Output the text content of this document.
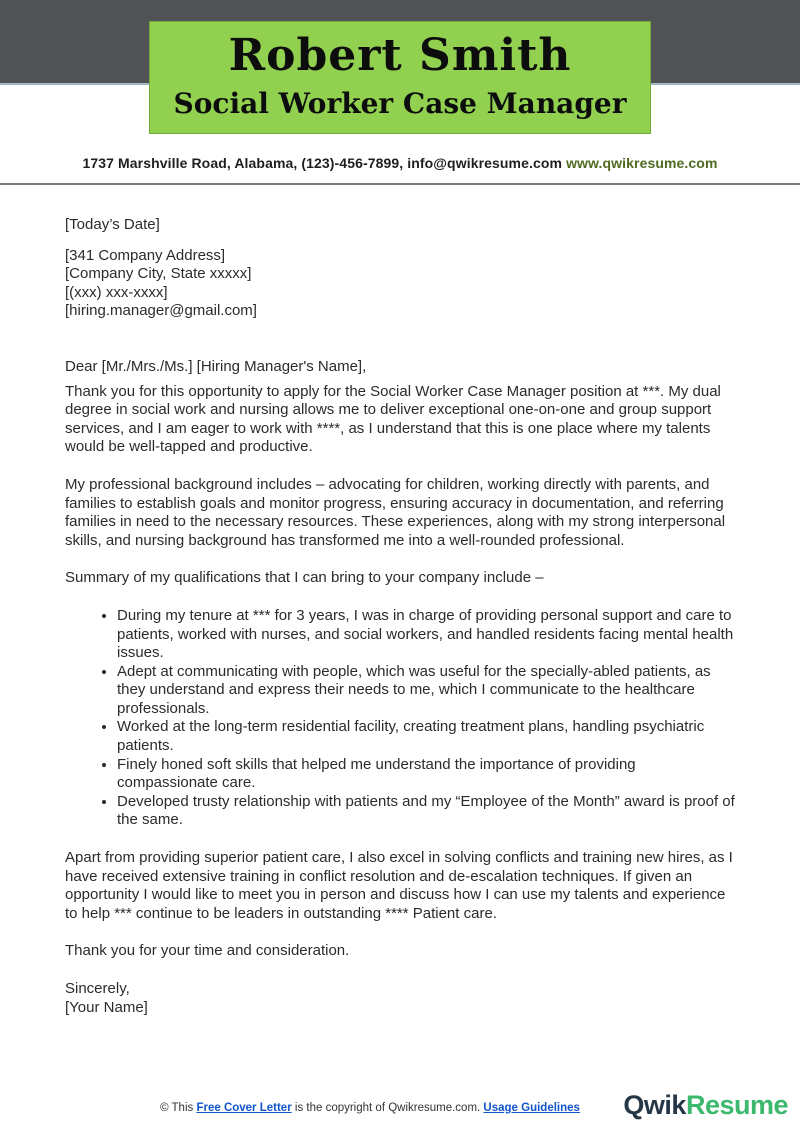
Robert Smith
Social Worker Case Manager
1737 Marshville Road, Alabama, (123)-456-7899, info@qwikresume.com www.qwikresume.com

[Today’s Date]

[341 Company Address]
[Company City, State xxxxx]
[(xxx) xxx-xxxx]
[hiring.manager@gmail.com]

Dear [Mr./Mrs./Ms.] [Hiring Manager's Name],

Thank you for this opportunity to apply for the Social Worker Case Manager position at ***. My dual degree in social work and nursing allows me to deliver exceptional one-on-one and group support services, and I am eager to work with ****, as I understand that this is one place where my talents would be well-tapped and productive.

My professional background includes – advocating for children, working directly with parents, and families to establish goals and monitor progress, ensuring accuracy in documentation, and referring families in need to the necessary resources. These experiences, along with my strong interpersonal skills, and nursing background has transformed me into a well-rounded professional.

Summary of my qualifications that I can bring to your company include –

• During my tenure at *** for 3 years, I was in charge of providing personal support and care to patients, worked with nurses, and social workers, and handled residents facing mental health issues.
• Adept at communicating with people, which was useful for the specially-abled patients, as they understand and express their needs to me, which I communicate to the healthcare professionals.
• Worked at the long-term residential facility, creating treatment plans, handling psychiatric patients.
• Finely honed soft skills that helped me understand the importance of providing compassionate care.
• Developed trusty relationship with patients and my “Employee of the Month” award is proof of the same.

Apart from providing superior patient care, I also excel in solving conflicts and training new hires, as I have received extensive training in conflict resolution and de-escalation techniques. If given an opportunity I would like to meet you in person and discuss how I can use my talents and experience to help *** continue to be leaders in outstanding **** Patient care.

Thank you for your time and consideration.

Sincerely,
[Your Name]
© This Free Cover Letter is the copyright of Qwikresume.com. Usage Guidelines	QwikResume
